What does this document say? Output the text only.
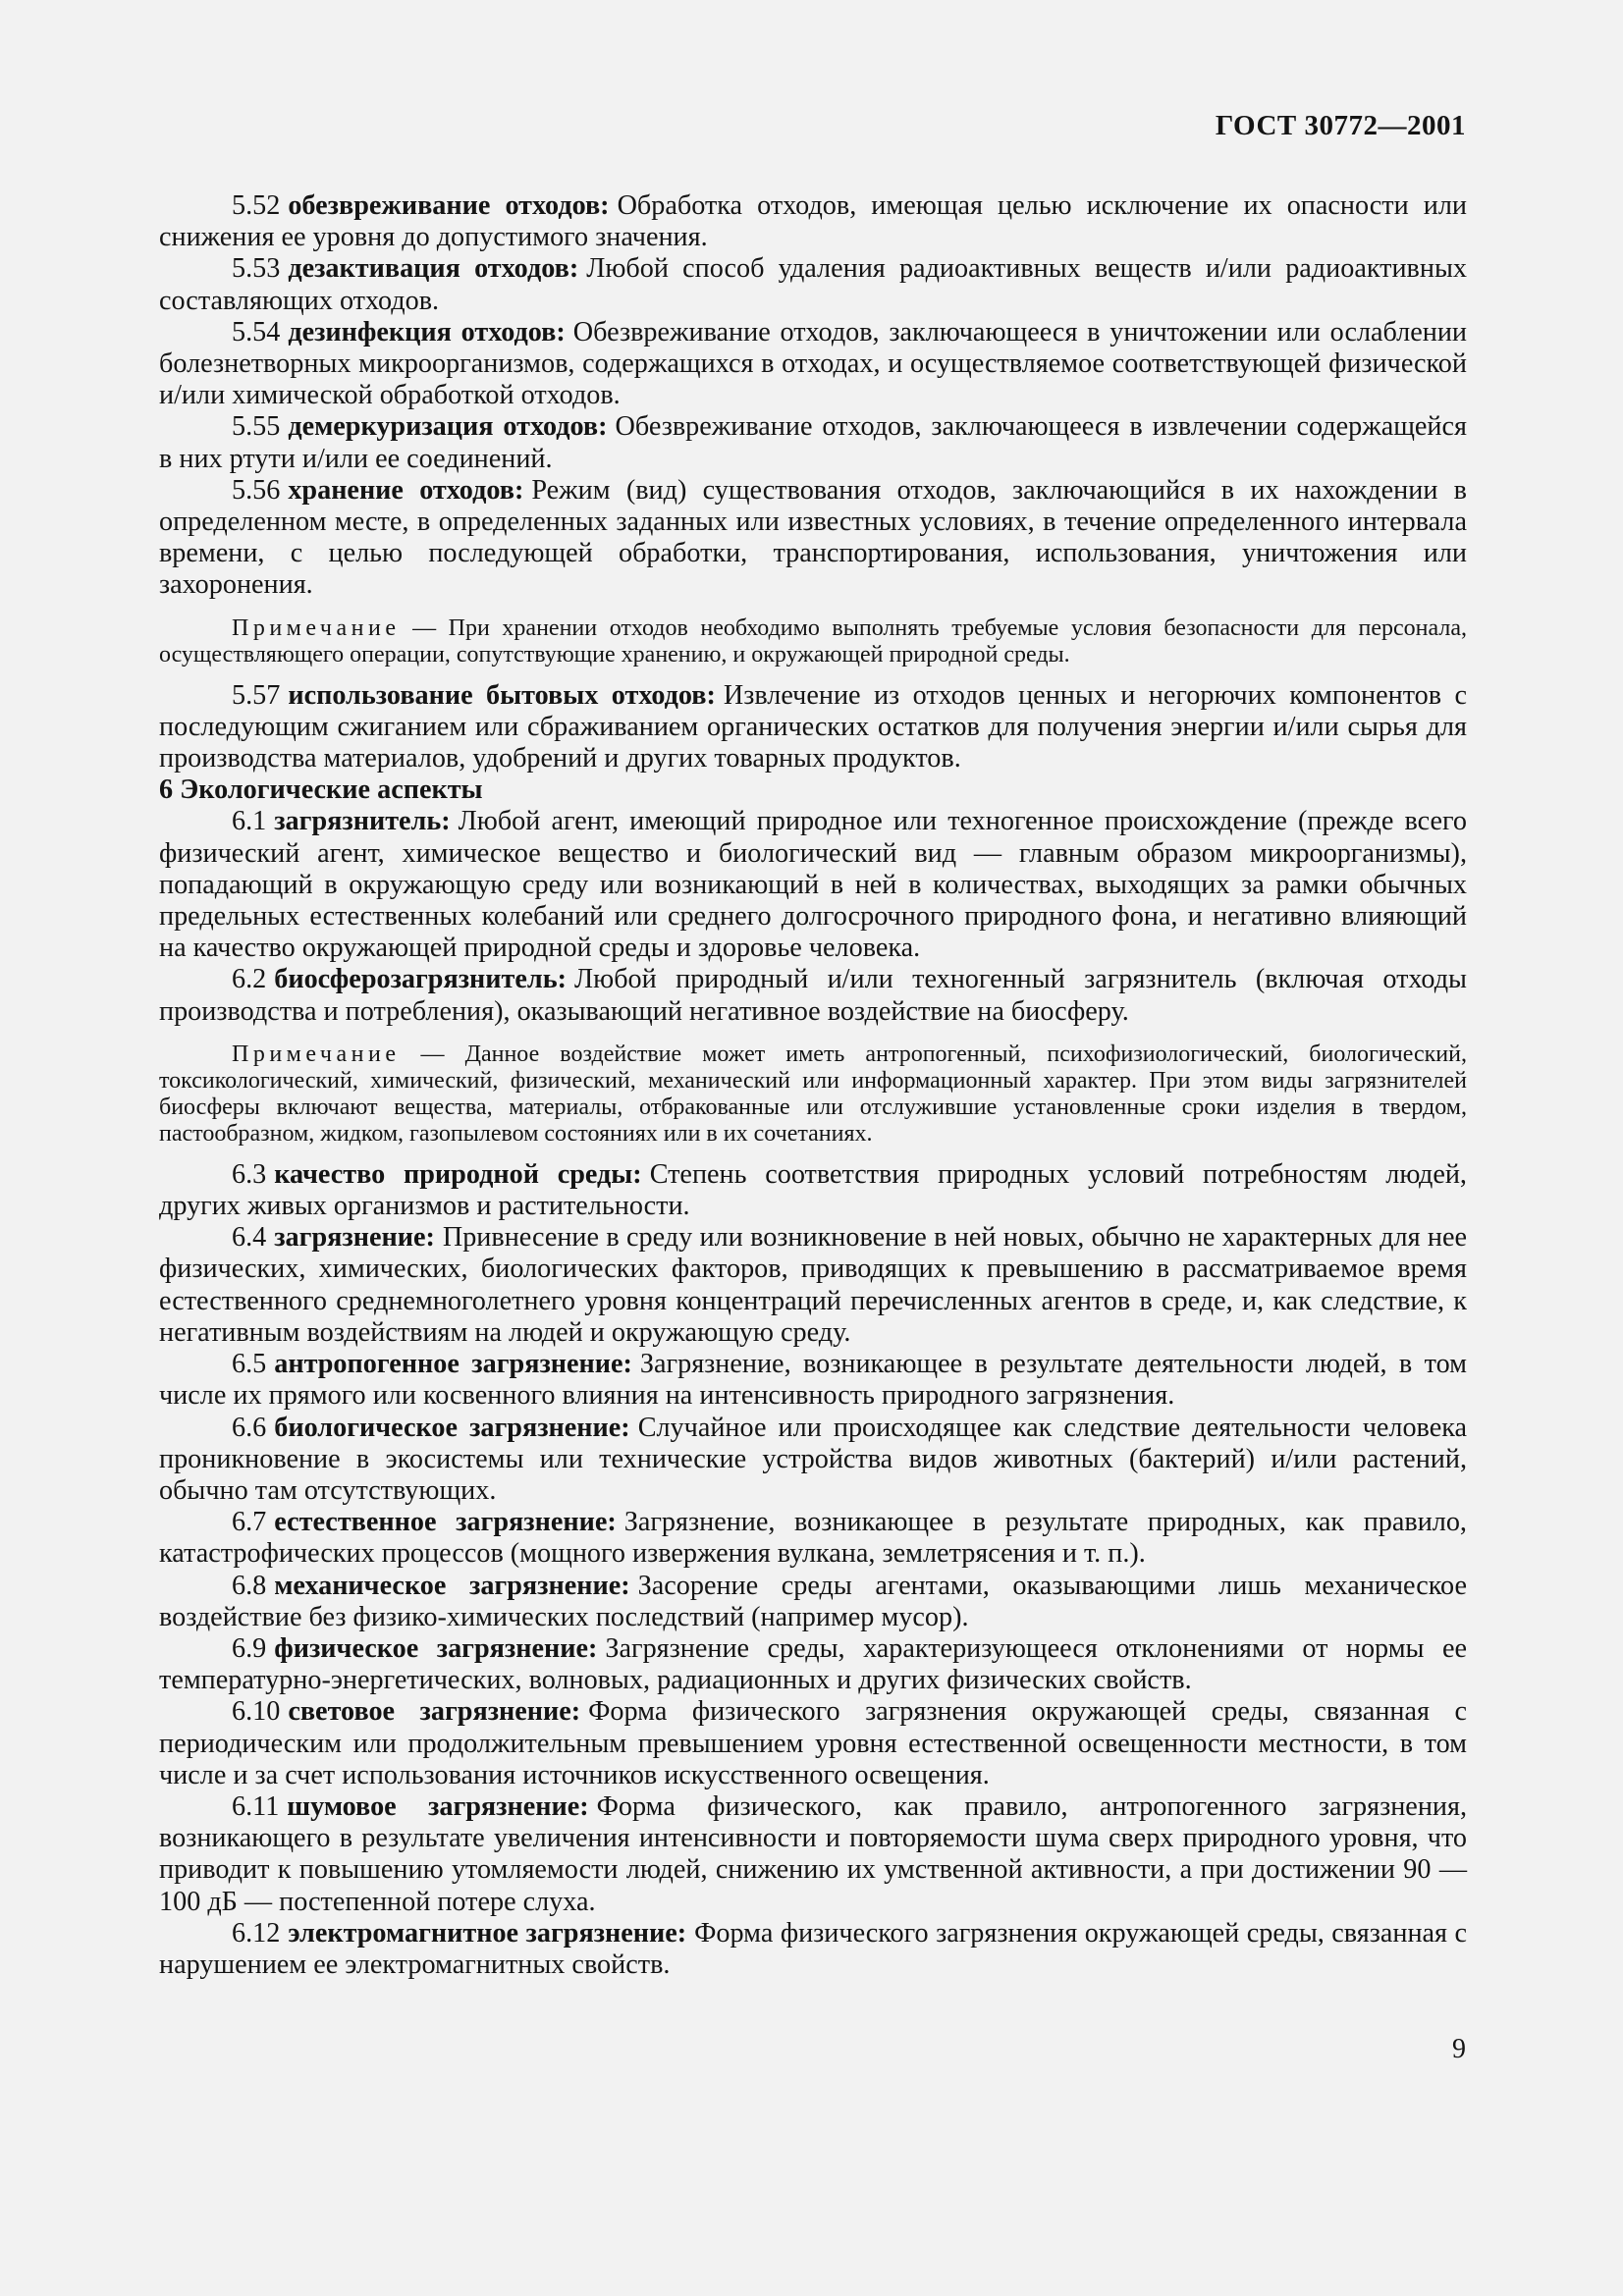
ГОСТ 30772—2001

5.52 обезвреживание отходов: Обработка отходов, имеющая целью исключение их опасности или снижения ее уровня до допустимого значения.

5.53 дезактивация отходов: Любой способ удаления радиоактивных веществ и/или радиоактивных составляющих отходов.

5.54 дезинфекция отходов: Обезвреживание отходов, заключающееся в уничтожении или ослаблении болезнетворных микроорганизмов, содержащихся в отходах, и осуществляемое соответствующей физической и/или химической обработкой отходов.

5.55 демеркуризация отходов: Обезвреживание отходов, заключающееся в извлечении содержащейся в них ртути и/или ее соединений.

5.56 хранение отходов: Режим (вид) существования отходов, заключающийся в их нахождении в определенном месте, в определенных заданных или известных условиях, в течение определенного интервала времени, с целью последующей обработки, транспортирования, использования, уничтожения или захоронения.

Примечание — При хранении отходов необходимо выполнять требуемые условия безопасности для персонала, осуществляющего операции, сопутствующие хранению, и окружающей природной среды.

5.57 использование бытовых отходов: Извлечение из отходов ценных и негорючих компонентов с последующим сжиганием или сбраживанием органических остатков для получения энергии и/или сырья для производства материалов, удобрений и других товарных продуктов.

6 Экологические аспекты

6.1 загрязнитель: Любой агент, имеющий природное или техногенное происхождение (прежде всего физический агент, химическое вещество и биологический вид — главным образом микроорганизмы), попадающий в окружающую среду или возникающий в ней в количествах, выходящих за рамки обычных предельных естественных колебаний или среднего долгосрочного природного фона, и негативно влияющий на качество окружающей природной среды и здоровье человека.

6.2 биосферозагрязнитель: Любой природный и/или техногенный загрязнитель (включая отходы производства и потребления), оказывающий негативное воздействие на биосферу.

Примечание — Данное воздействие может иметь антропогенный, психофизиологический, биологический, токсикологический, химический, физический, механический или информационный характер. При этом виды загрязнителей биосферы включают вещества, материалы, отбракованные или отслужившие установленные сроки изделия в твердом, пастообразном, жидком, газопылевом состояниях или в их сочетаниях.

6.3 качество природной среды: Степень соответствия природных условий потребностям людей, других живых организмов и растительности.

6.4 загрязнение: Привнесение в среду или возникновение в ней новых, обычно не характерных для нее физических, химических, биологических факторов, приводящих к превышению в рассматриваемое время естественного среднемноголетнего уровня концентраций перечисленных агентов в среде, и, как следствие, к негативным воздействиям на людей и окружающую среду.

6.5 антропогенное загрязнение: Загрязнение, возникающее в результате деятельности людей, в том числе их прямого или косвенного влияния на интенсивность природного загрязнения.

6.6 биологическое загрязнение: Случайное или происходящее как следствие деятельности человека проникновение в экосистемы или технические устройства видов животных (бактерий) и/или растений, обычно там отсутствующих.

6.7 естественное загрязнение: Загрязнение, возникающее в результате природных, как правило, катастрофических процессов (мощного извержения вулкана, землетрясения и т. п.).

6.8 механическое загрязнение: Засорение среды агентами, оказывающими лишь механическое воздействие без физико-химических последствий (например мусор).

6.9 физическое загрязнение: Загрязнение среды, характеризующееся отклонениями от нормы ее температурно-энергетических, волновых, радиационных и других физических свойств.

6.10 световое загрязнение: Форма физического загрязнения окружающей среды, связанная с периодическим или продолжительным превышением уровня естественной освещенности местности, в том числе и за счет использования источников искусственного освещения.

6.11 шумовое загрязнение: Форма физического, как правило, антропогенного загрязнения, возникающего в результате увеличения интенсивности и повторяемости шума сверх природного уровня, что приводит к повышению утомляемости людей, снижению их умственной активности, а при достижении 90 — 100 дБ — постепенной потере слуха.

6.12 электромагнитное загрязнение: Форма физического загрязнения окружающей среды, связанная с нарушением ее электромагнитных свойств.

9
